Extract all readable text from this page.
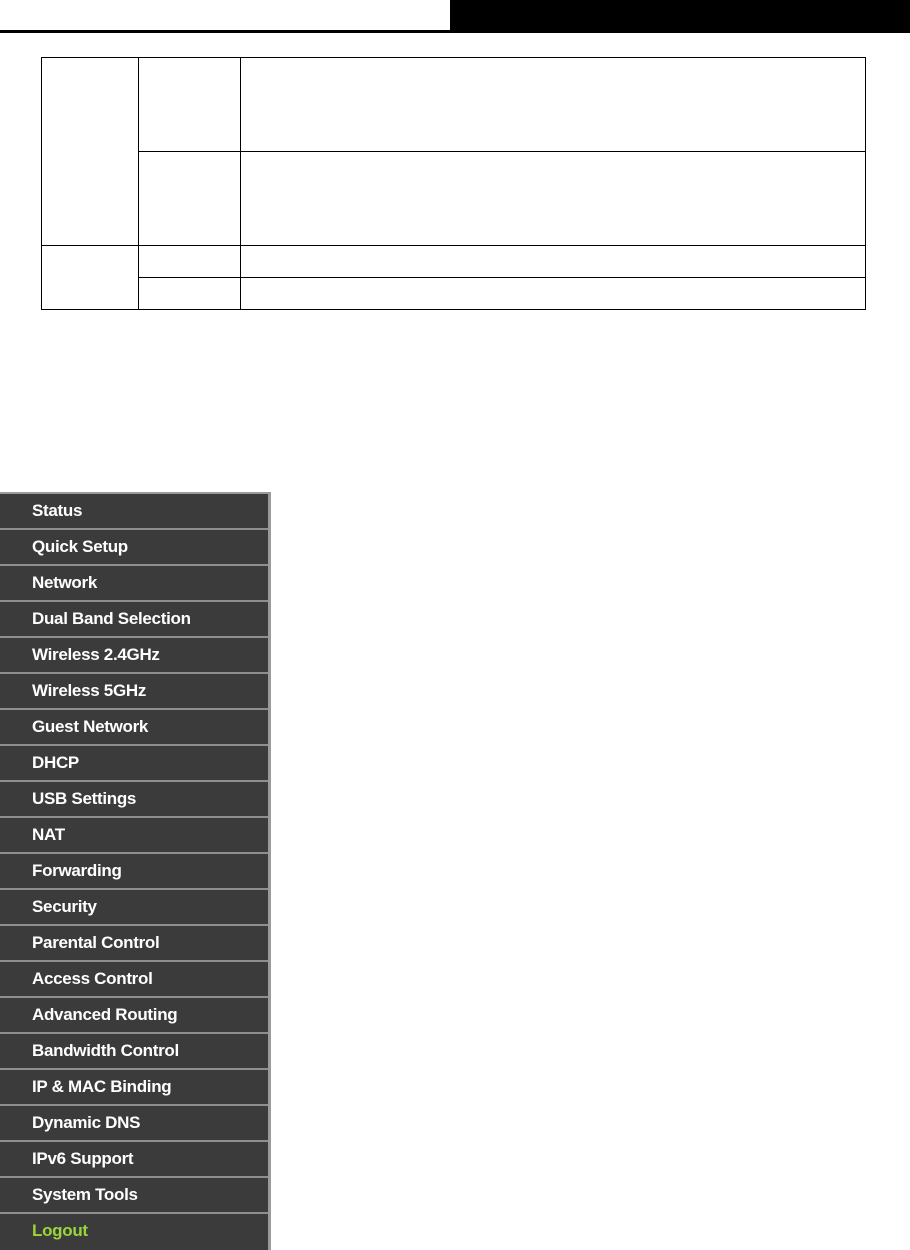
Status
Quick Setup
Network
Dual Band Selection
Wireless 2.4GHz
Wireless 5GHz
Guest Network
DHCP
USB Settings
NAT
Forwarding
Security
Parental Control
Access Control
Advanced Routing
Bandwidth Control
IP & MAC Binding
Dynamic DNS
IPv6 Support
System Tools
Logout
